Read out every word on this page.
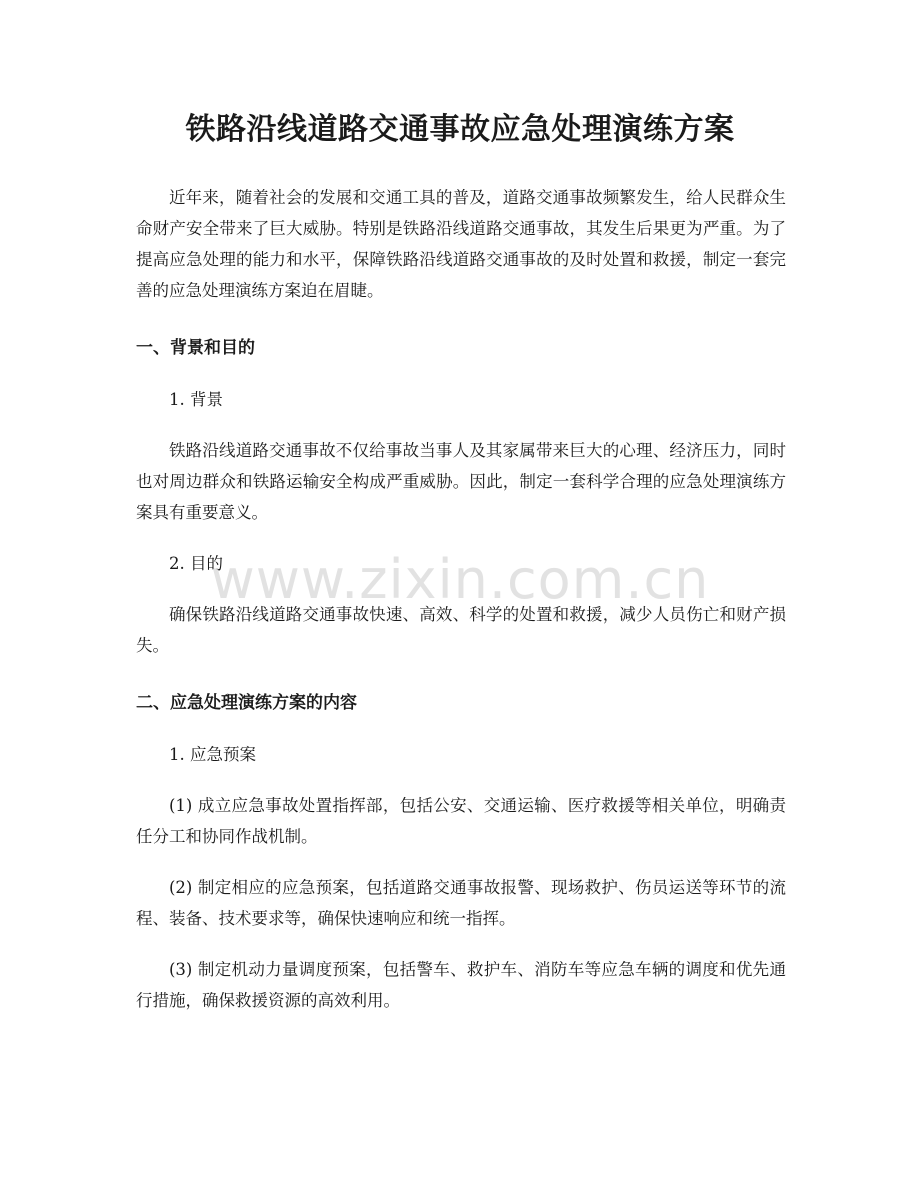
铁路沿线道路交通事故应急处理演练方案

近年来，随着社会的发展和交通工具的普及，道路交通事故频繁发生，给人民群众生命财产安全带来了巨大威胁。特别是铁路沿线道路交通事故，其发生后果更为严重。为了提高应急处理的能力和水平，保障铁路沿线道路交通事故的及时处置和救援，制定一套完善的应急处理演练方案迫在眉睫。

一、背景和目的

1. 背景

铁路沿线道路交通事故不仅给事故当事人及其家属带来巨大的心理、经济压力，同时也对周边群众和铁路运输安全构成严重威胁。因此，制定一套科学合理的应急处理演练方案具有重要意义。

2. 目的

确保铁路沿线道路交通事故快速、高效、科学的处置和救援，减少人员伤亡和财产损失。

二、应急处理演练方案的内容

1. 应急预案

(1) 成立应急事故处置指挥部，包括公安、交通运输、医疗救援等相关单位，明确责任分工和协同作战机制。

(2) 制定相应的应急预案，包括道路交通事故报警、现场救护、伤员运送等环节的流程、装备、技术要求等，确保快速响应和统一指挥。

(3) 制定机动力量调度预案，包括警车、救护车、消防车等应急车辆的调度和优先通行措施，确保救援资源的高效利用。

www.zixin.com.cn
